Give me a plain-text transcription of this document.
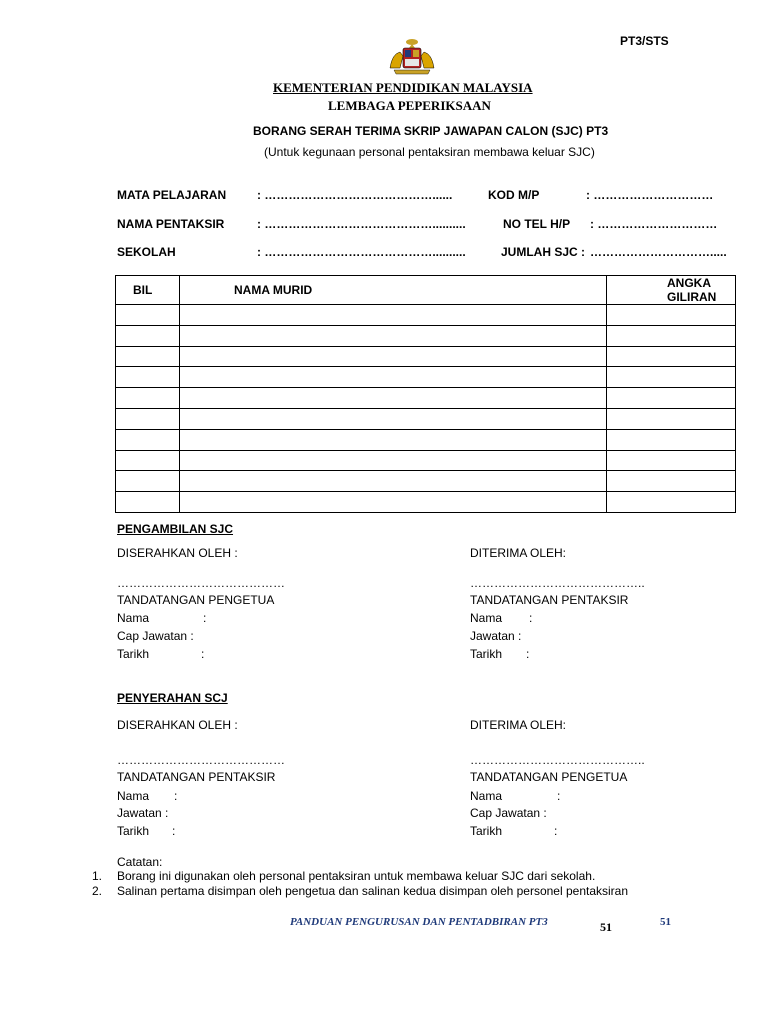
PT3/STS
KEMENTERIAN PENDIDIKAN MALAYSIA
LEMBAGA PEPERIKSAAN
BORANG SERAH TERIMA SKRIP JAWAPAN CALON (SJC) PT3
(Untuk kegunaan personal pentaksiran membawa keluar SJC)
MATA PELAJARAN	: ……………………………………......	KOD M/P	: …………………………
NAMA PENTAKSIR	: ……………………………………..........	NO TEL H/P : …………………………
SEKOLAH	: ……………………………………..........	JUMLAH SJC : ………………………….....
BIL	NAMA MURID	ANGKA GILIRAN

PENGAMBILAN SJC
DISERAHKAN OLEH :	DITERIMA OLEH:
……………………………………	……………………………………..
TANDATANGAN PENGETUA	TANDATANGAN PENTAKSIR
Nama	:
Cap Jawatan :
Tarikh	:
Nama :
Jawatan :
Tarikh :
PENYERAHAN SCJ
DISERAHKAN OLEH :	DITERIMA OLEH:
……………………………………	……………………………………..
TANDATANGAN PENTAKSIR	TANDATANGAN PENGETUA
Nama :
Jawatan :
Tarikh :
Nama	:
Cap Jawatan :
Tarikh	:
Catatan:
1. Borang ini digunakan oleh personal pentaksiran untuk membawa keluar SJC dari sekolah.
2. Salinan pertama disimpan oleh pengetua dan salinan kedua disimpan oleh personel pentaksiran
PANDUAN PENGURUSAN DAN PENTADBIRAN PT3	51	51
